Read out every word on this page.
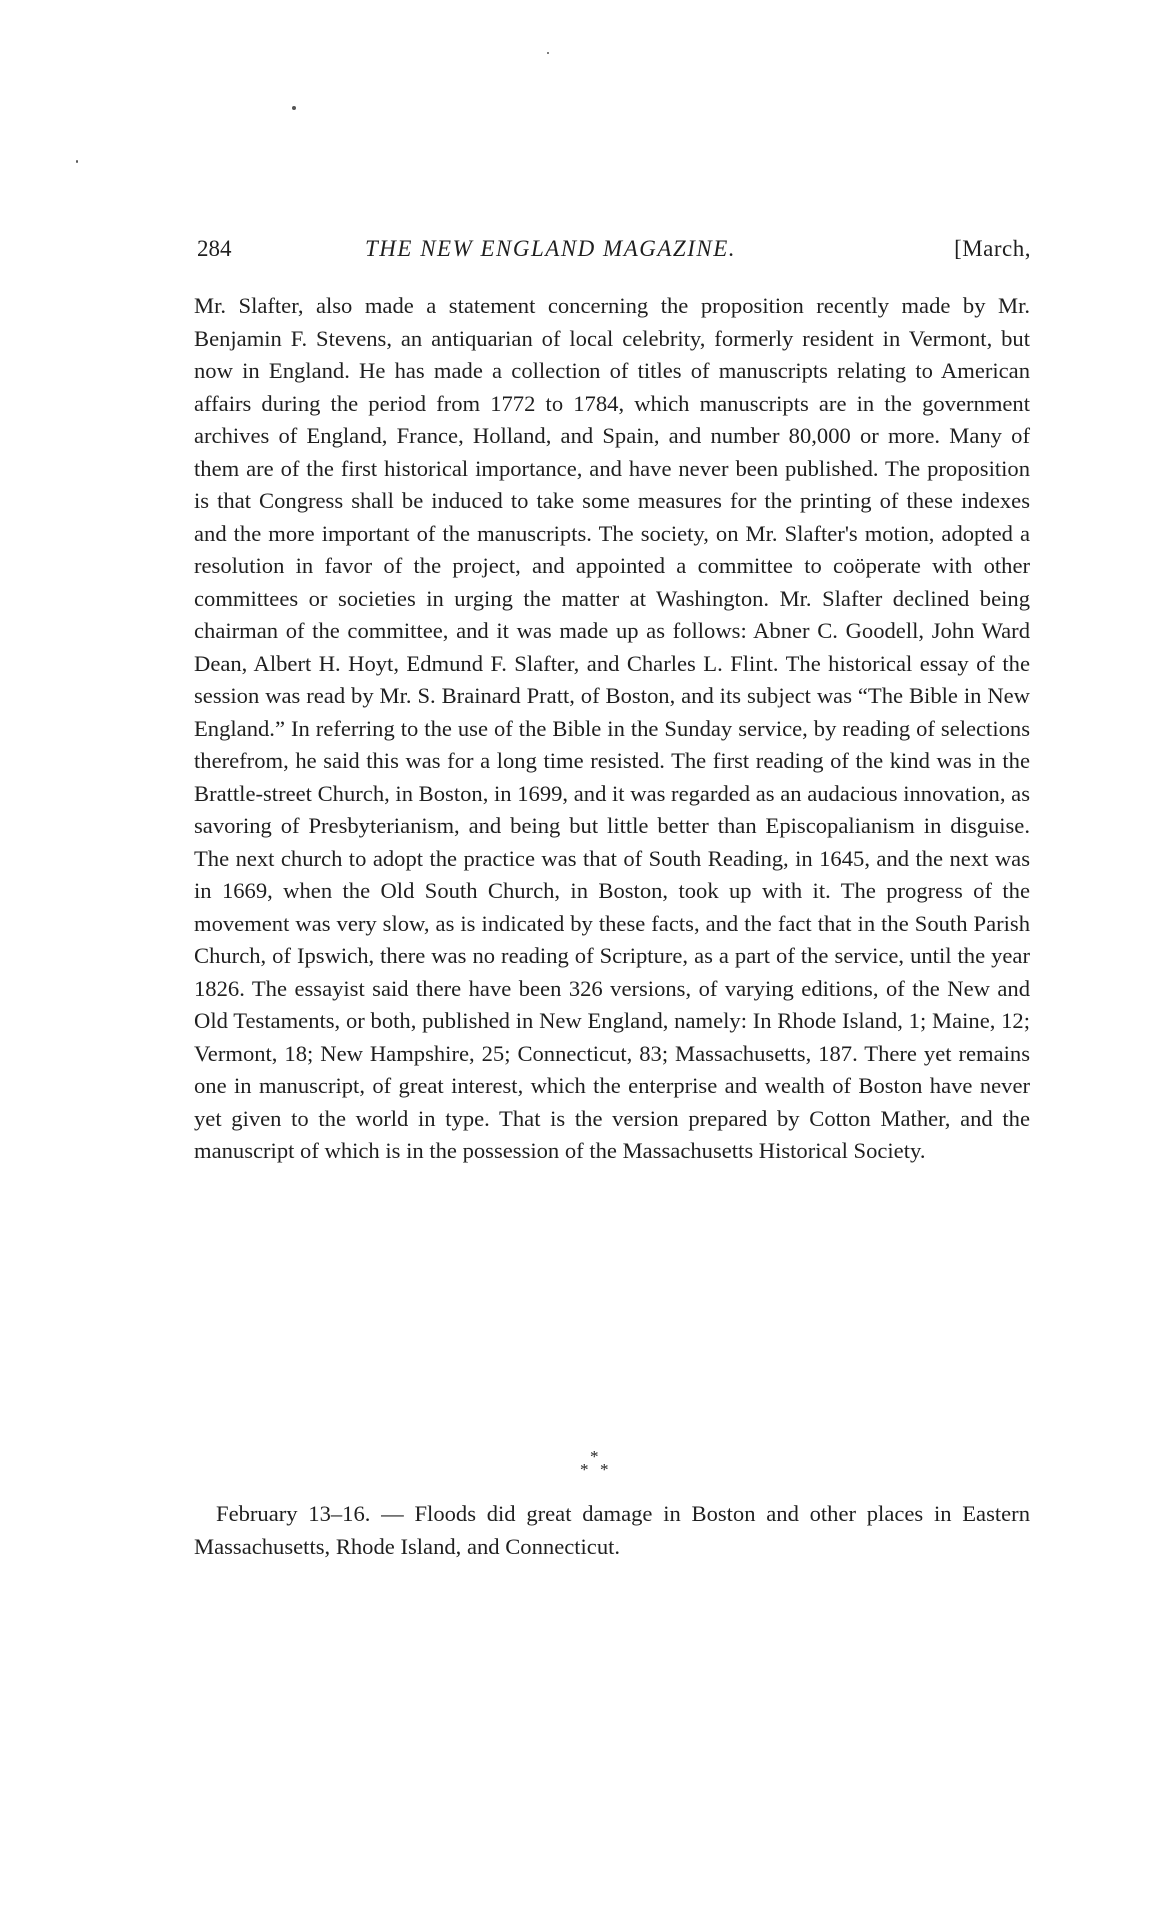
284	THE NEW ENGLAND MAGAZINE.	[March,

Mr. Slafter, also made a statement concerning the proposition recently made by Mr. Benjamin F. Stevens, an antiquarian of local celebrity, formerly resident in Vermont, but now in England. He has made a collection of titles of manuscripts relating to American affairs during the period from 1772 to 1784, which manuscripts are in the government archives of England, France, Holland, and Spain, and number 80,000 or more. Many of them are of the first historical importance, and have never been published. The proposition is that Congress shall be induced to take some measures for the printing of these indexes and the more important of the manuscripts. The society, on Mr. Slafter's motion, adopted a resolution in favor of the project, and appointed a committee to coöperate with other committees or societies in urging the matter at Washington. Mr. Slafter declined being chairman of the committee, and it was made up as follows: Abner C. Goodell, John Ward Dean, Albert H. Hoyt, Edmund F. Slafter, and Charles L. Flint. The historical essay of the session was read by Mr. S. Brainard Pratt, of Boston, and its subject was “The Bible in New England.” In referring to the use of the Bible in the Sunday service, by reading of selections therefrom, he said this was for a long time resisted. The first reading of the kind was in the Brattle-street Church, in Boston, in 1699, and it was regarded as an audacious innovation, as savoring of Presbyterianism, and being but little better than Episcopalianism in disguise. The next church to adopt the practice was that of South Reading, in 1645, and the next was in 1669, when the Old South Church, in Boston, took up with it. The progress of the movement was very slow, as is indicated by these facts, and the fact that in the South Parish Church, of Ipswich, there was no reading of Scripture, as a part of the service, until the year 1826. The essayist said there have been 326 versions, of varying editions, of the New and Old Testaments, or both, published in New England, namely: In Rhode Island, 1; Maine, 12; Vermont, 18; New Hampshire, 25; Connecticut, 83; Massachusetts, 187. There yet remains one in manuscript, of great interest, which the enterprise and wealth of Boston have never yet given to the world in type. That is the version prepared by Cotton Mather, and the manuscript of which is in the possession of the Massachusetts Historical Society.

*
* *
February 13–16. — Floods did great damage in Boston and other places in Eastern Massachusetts, Rhode Island, and Connecticut.
